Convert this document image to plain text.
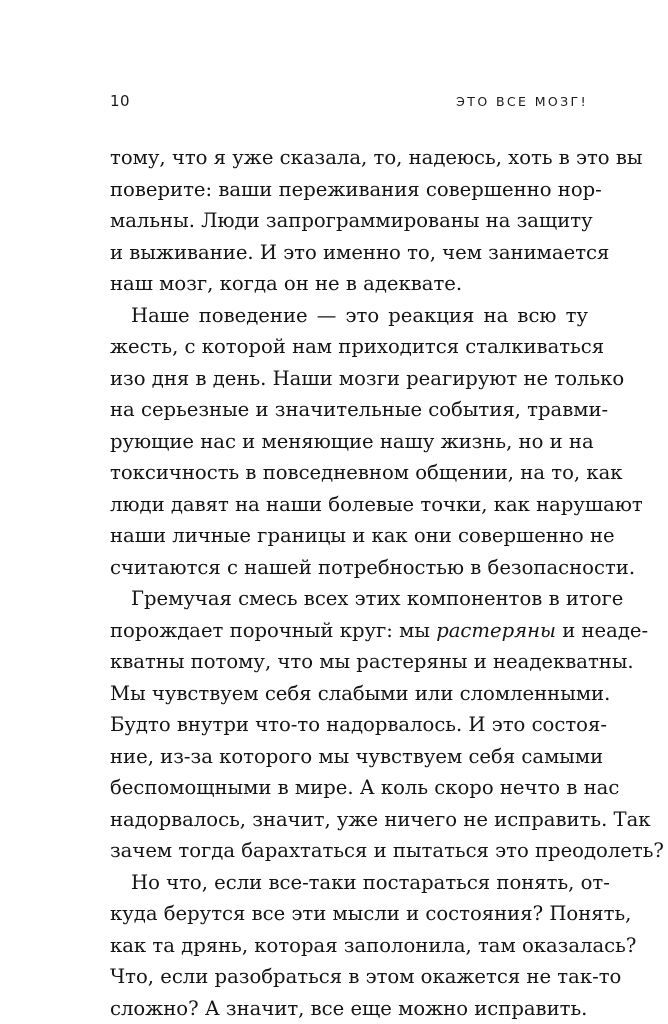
10	ЭТО ВСЕ МОЗГ!

тому, что я уже сказала, то, надеюсь, хоть в это вы
поверите: ваши переживания совершенно нор-
мальны. Люди запрограммированы на защиту
и выживание. И это именно то, чем занимается
наш мозг, когда он не в адеквате.

Наше поведение — это реакция на всю ту
жесть, с которой нам приходится сталкиваться
изо дня в день. Наши мозги реагируют не только
на серьезные и значительные события, травми-
рующие нас и меняющие нашу жизнь, но и на
токсичность в повседневном общении, на то, как
люди давят на наши болевые точки, как нарушают
наши личные границы и как они совершенно не
считаются с нашей потребностью в безопасности.

Гремучая смесь всех этих компонентов в итоге
порождает порочный круг: мы растеряны и неаде-
кватны потому, что мы растеряны и неадекватны.
Мы чувствуем себя слабыми или сломленными.
Будто внутри что-то надорвалось. И это состоя-
ние, из-за которого мы чувствуем себя самыми
беспомощными в мире. А коль скоро нечто в нас
надорвалось, значит, уже ничего не исправить. Так
зачем тогда барахтаться и пытаться это преодолеть?

Но что, если все-таки постараться понять, от-
куда берутся все эти мысли и состояния? Понять,
как та дрянь, которая заполонила, там оказалась?
Что, если разобраться в этом окажется не так-то
сложно? А значит, все еще можно исправить.
